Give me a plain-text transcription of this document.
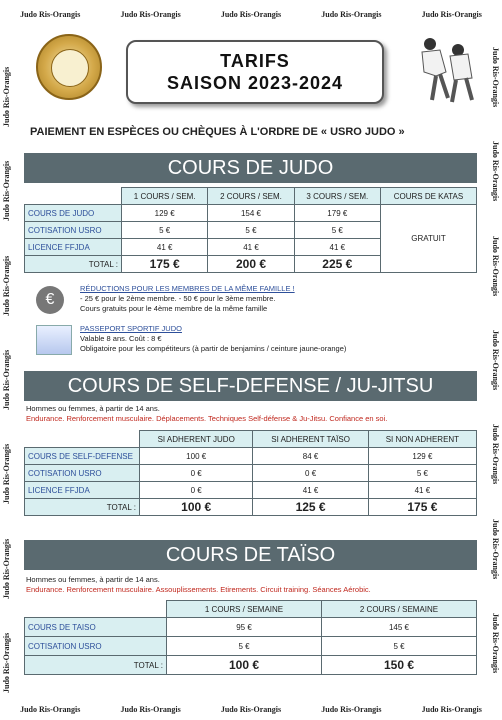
Judo Ris-Orangis	Judo Ris-Orangis	Judo Ris-Orangis	Judo Ris-Orangis	Judo Ris-Orangis
Judo Ris-Orangis	Judo Ris-Orangis	Judo Ris-Orangis	Judo Ris-Orangis	Judo Ris-Orangis
Judo Ris-Orangis
Judo Ris-Orangis
Judo Ris-Orangis
Judo Ris-Orangis
Judo Ris-Orangis
Judo Ris-Orangis
Judo Ris-Orangis
Judo Ris-Orangis
Judo Ris-Orangis
Judo Ris-Orangis
Judo Ris-Orangis
Judo Ris-Orangis
Judo Ris-Orangis
Judo Ris-Orangis
TARIFS
SAISON 2023-2024
PAIEMENT EN ESPÈCES OU CHÈQUES À L'ORDRE DE « USRO JUDO »
COURS DE JUDO
	1 COURS / SEM.	2 COURS / SEM.	3 COURS / SEM.	COURS DE KATAS
COURS DE JUDO	129 €	154 €	179 €	GRATUIT
COTISATION USRO	5 €	5 €	5 €	
LICENCE FFJDA	41 €	41 €	41 €	
TOTAL :	175 €	200 €	225 €	
€
RÉDUCTIONS POUR LES MEMBRES DE LA MÊME FAMILLE !
- 25 € pour le 2ème membre. - 50 € pour le 3ème membre.
Cours gratuits pour le 4ème membre de la même famille
PASSEPORT SPORTIF JUDO
Valable 8 ans. Coût : 8 €
Obligatoire pour les compétiteurs (à partir de benjamins / ceinture jaune-orange)
COURS DE SELF-DEFENSE / JU-JITSU
Hommes ou femmes, à partir de 14 ans.
Endurance. Renforcement musculaire. Déplacements. Techniques Self-défense & Ju-Jitsu. Confiance en soi.
	SI ADHERENT JUDO	SI ADHERENT TAÏSO	SI NON ADHERENT
COURS DE SELF-DEFENSE	100 €	84 €	129 €
COTISATION USRO	0 €	0 €	5 €
LICENCE FFJDA	0 €	41 €	41 €
TOTAL :	100 €	125 €	175 €
COURS DE TAÏSO
Hommes ou femmes, à partir de 14 ans.
Endurance. Renforcement musculaire. Assouplissements. Etirements. Circuit training. Séances Aérobic.
	1 COURS / SEMAINE	2 COURS / SEMAINE
COURS DE TAISO	95 €	145 €
COTISATION USRO	5 €	5 €
TOTAL :	100 €	150 €
